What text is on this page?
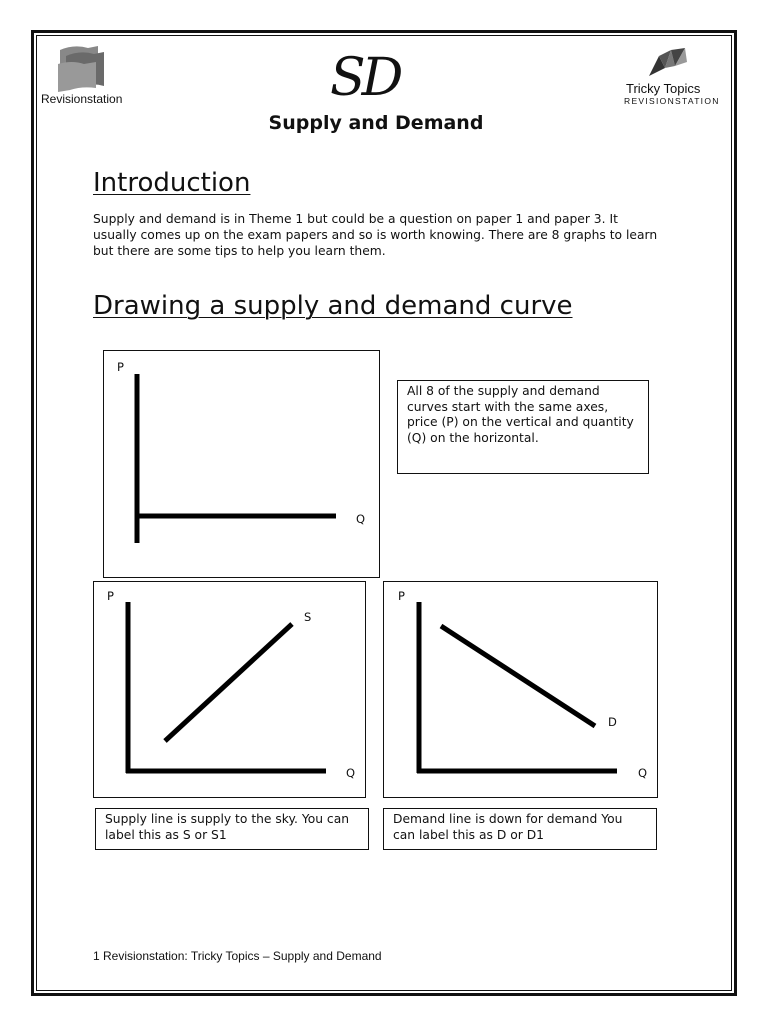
Revisionstation	SD	Tricky Topics
REVISIONSTATION
Supply and Demand
Introduction
Supply and demand is in Theme 1 but could be a question on paper 1 and paper 3. It usually comes up on the exam papers and so is worth knowing. There are 8 graphs to learn but there are some tips to help you learn them.
Drawing a supply and demand curve
P
Q
All 8 of the supply and demand curves start with the same axes, price (P) on the vertical and quantity (Q) on the horizontal.
P
S
Q
P
D
Q
Supply line is supply to the sky. You can label this as S or S1
Demand line is down for demand You can label this as D or D1
1 Revisionstation: Tricky Topics – Supply and Demand
